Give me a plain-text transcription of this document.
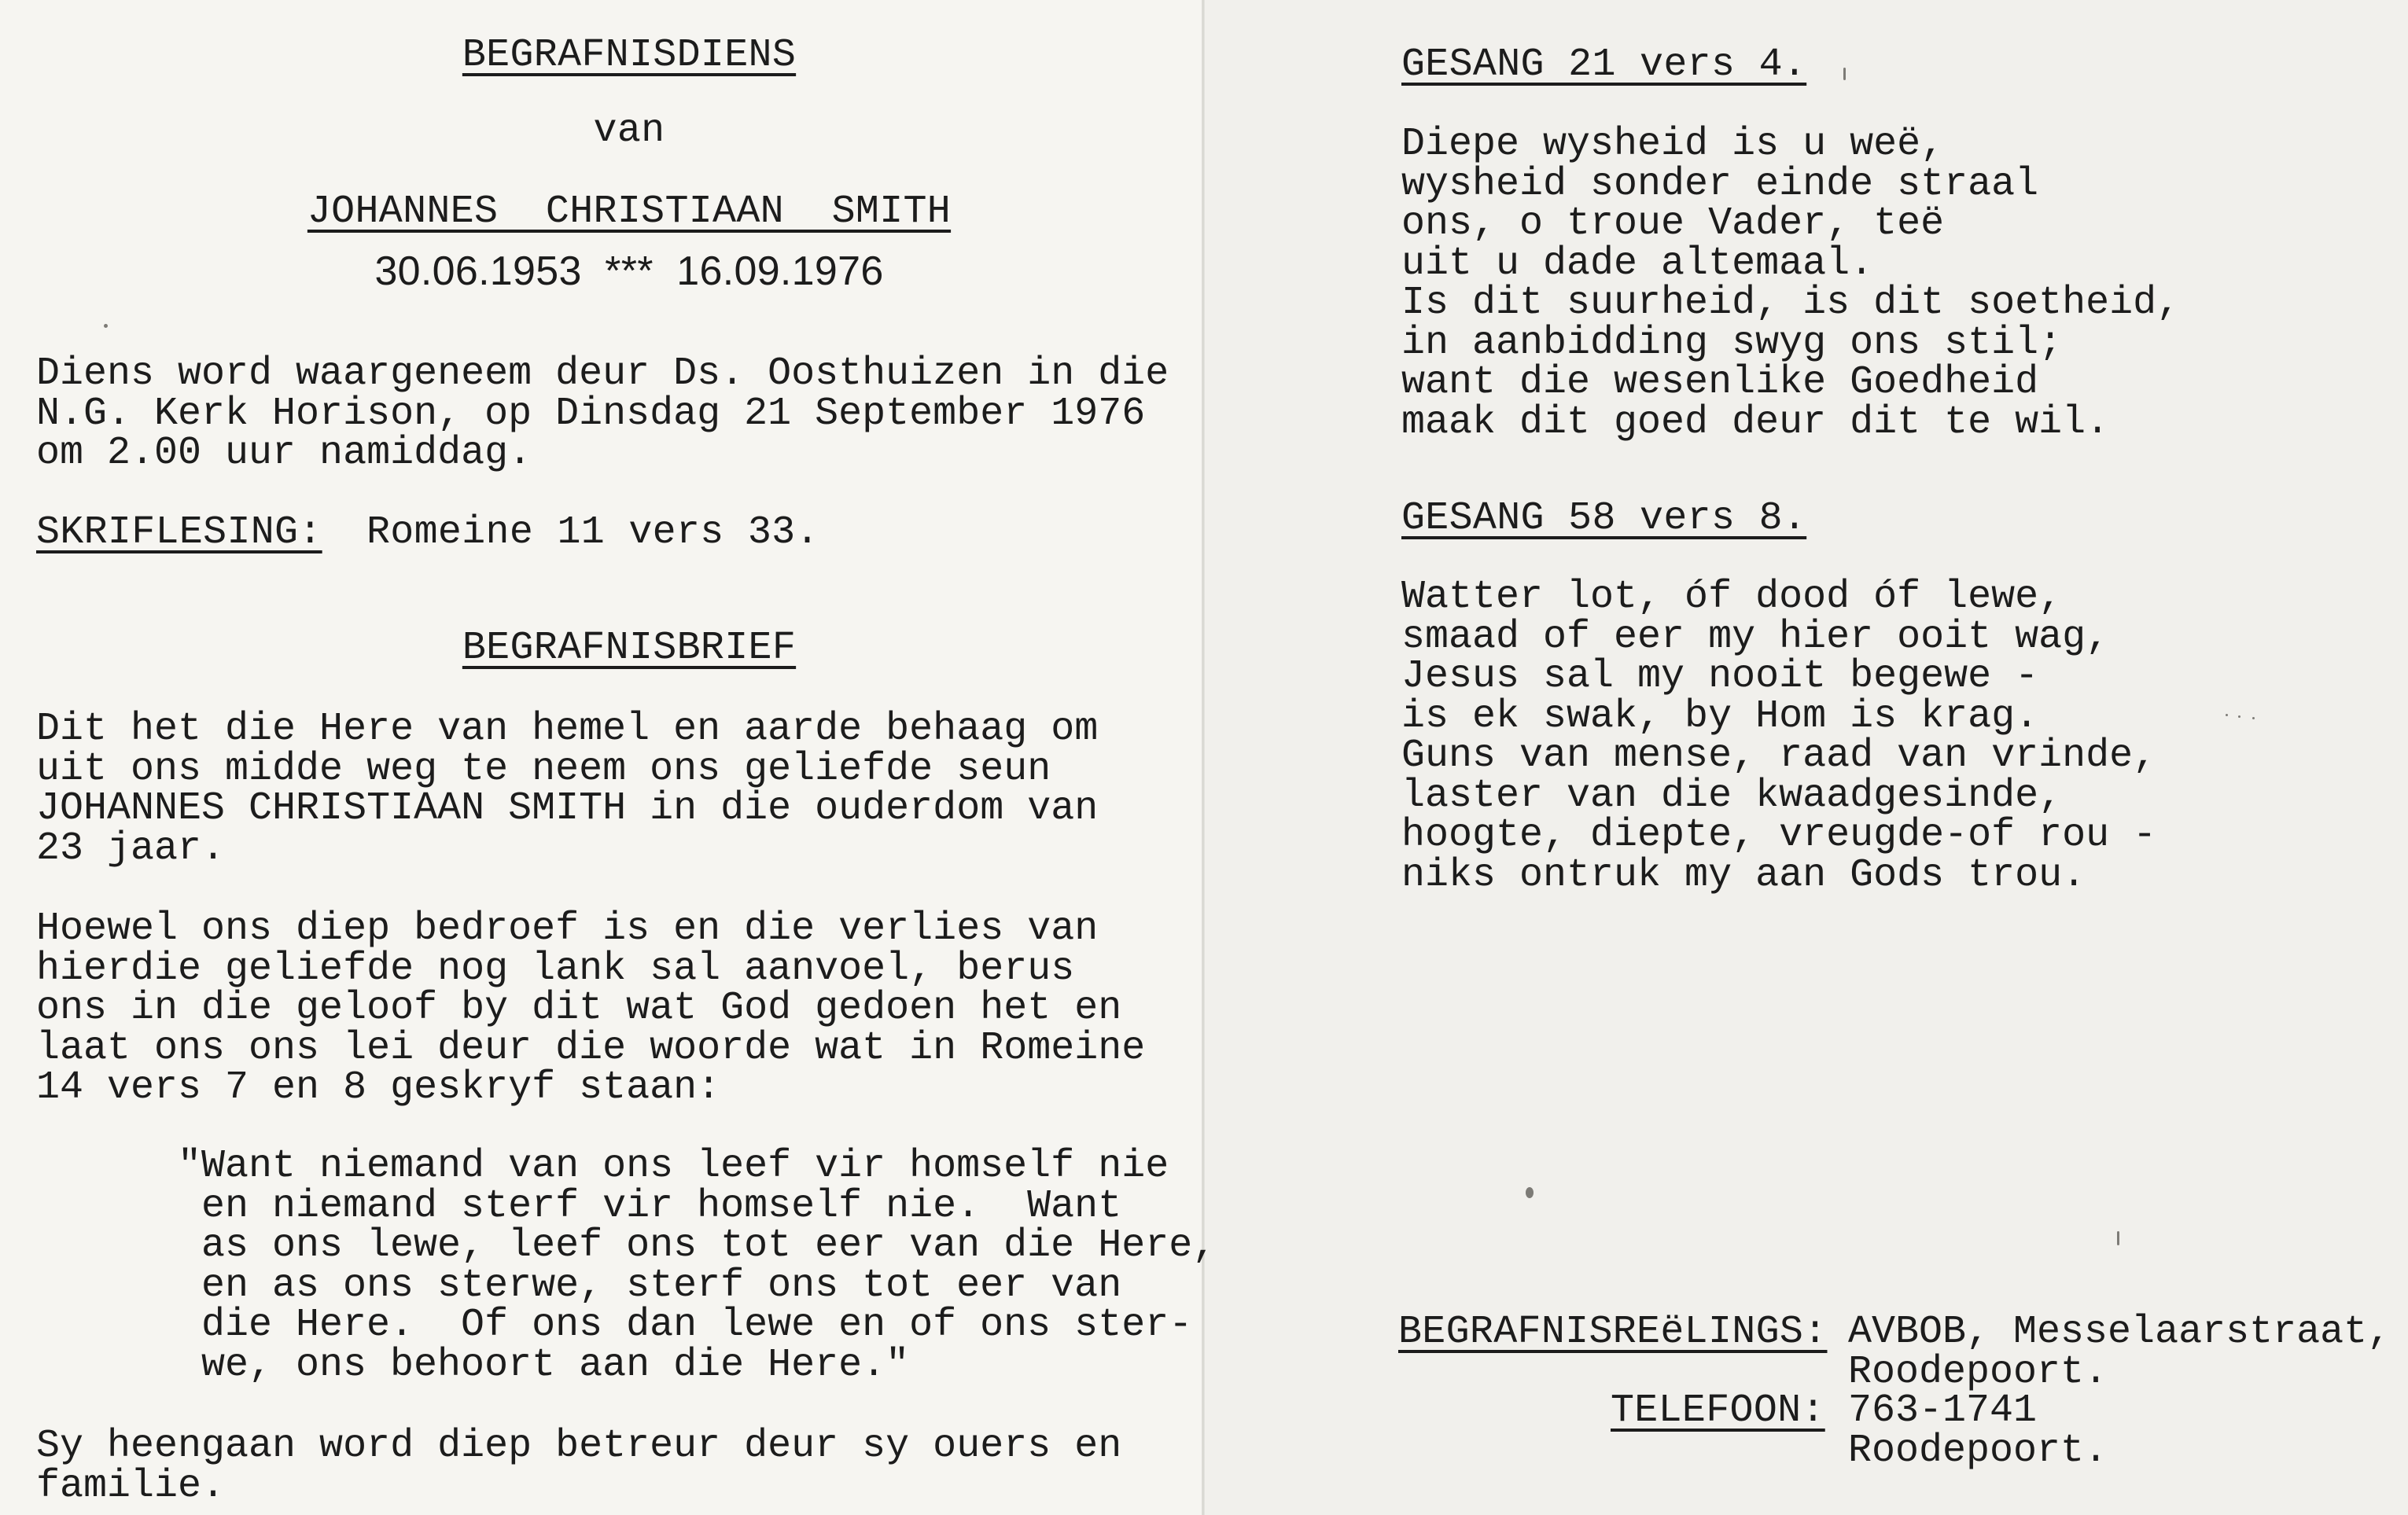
BEGRAFNISDIENS
van
JOHANNES  CHRISTIAAN  SMITH
30.06.1953  ***  16.09.1976
Diens word waargeneem deur Ds. Oosthuizen in die
N.G. Kerk Horison, op Dinsdag 21 September 1976
om 2.00 uur namiddag.
SKRIFLESING: Romeine 11 vers 33.
BEGRAFNISBRIEF
Dit het die Here van hemel en aarde behaag om
uit ons midde weg te neem ons geliefde seun
JOHANNES CHRISTIAAN SMITH in die ouderdom van
23 jaar.
Hoewel ons diep bedroef is en die verlies van
hierdie geliefde nog lank sal aanvoel, berus
ons in die geloof by dit wat God gedoen het en
laat ons ons lei deur die woorde wat in Romeine
14 vers 7 en 8 geskryf staan:
"Want niemand van ons leef vir homself nie
en niemand sterf vir homself nie.  Want
as ons lewe, leef ons tot eer van die Here,
en as ons sterwe, sterf ons tot eer van
die Here.  Of ons dan lewe en of ons ster-
we, ons behoort aan die Here."
Sy heengaan word diep betreur deur sy ouers en
familie.
GESANG 21 vers 4.
Diepe wysheid is u weë,
wysheid sonder einde straal
ons, o troue Vader, teë
uit u dade altemaal.
Is dit suurheid, is dit soetheid,
in aanbidding swyg ons stil;
want die wesenlike Goedheid
maak dit goed deur dit te wil.
GESANG 58 vers 8.
Watter lot, óf dood óf lewe,
smaad of eer my hier ooit wag,
Jesus sal my nooit begewe -
is ek swak, by Hom is krag.
Guns van mense, raad van vrinde,
laster van die kwaadgesinde,
hoogte, diepte, vreugde-of rou -
niks ontruk my aan Gods trou.
BEGRAFNISREëLINGS: AVBOB, Messelaarstraat,
Roodepoort.
TELEFOON: 763-1741
Roodepoort.
